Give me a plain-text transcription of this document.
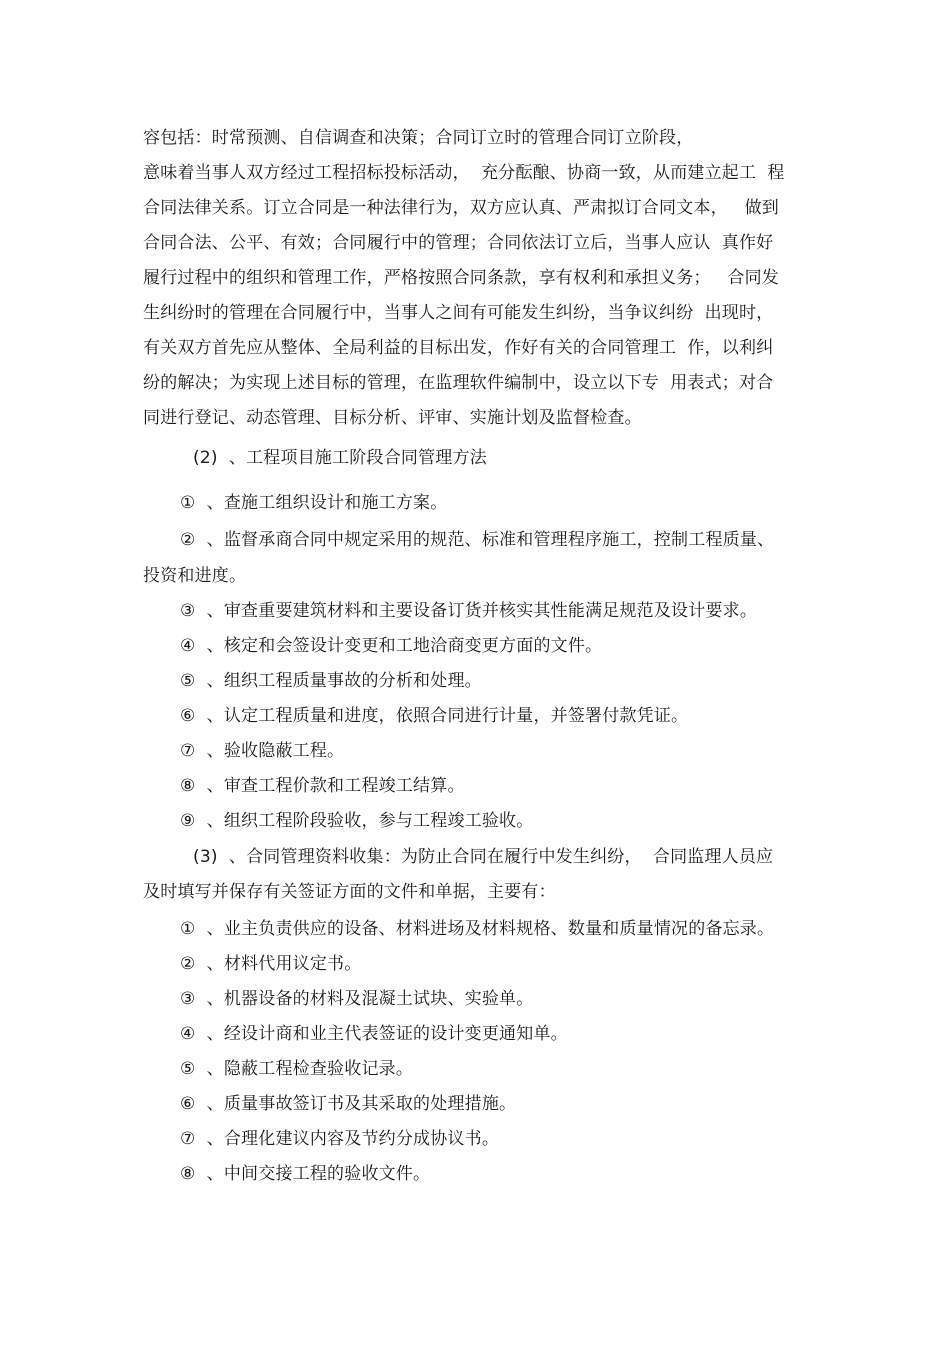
容包括：时常预测、自信调查和决策；合同订立时的管理合同订立阶段，
意味着当事人双方经过工程招标投标活动，  充分酝酿、协商一致，从而建立起工  程
合同法律关系。订立合同是一种法律行为，双方应认真、严肃拟订合同文本，   做到
合同合法、公平、有效；合同履行中的管理；合同依法订立后，当事人应认  真作好
履行过程中的组织和管理工作，严格按照合同条款，享有权利和承担义务；   合同发
生纠纷时的管理在合同履行中，当事人之间有可能发生纠纷，当争议纠纷  出现时，
有关双方首先应从整体、全局利益的目标出发，作好有关的合同管理工  作，以利纠
纷的解决；为实现上述目标的管理，在监理软件编制中，设立以下专  用表式；对合
同进行登记、动态管理、目标分析、评审、实施计划及监督检查。
(2)  、工程项目施工阶段合同管理方法
①  、查施工组织设计和施工方案。
②  、监督承商合同中规定采用的规范、标准和管理程序施工，控制工程质量、
投资和进度。
③  、审查重要建筑材料和主要设备订货并核实其性能满足规范及设计要求。
④  、核定和会签设计变更和工地洽商变更方面的文件。
⑤  、组织工程质量事故的分析和处理。
⑥  、认定工程质量和进度，依照合同进行计量，并签署付款凭证。
⑦  、验收隐蔽工程。
⑧  、审查工程价款和工程竣工结算。
⑨  、组织工程阶段验收，参与工程竣工验收。
(3)  、合同管理资料收集：为防止合同在履行中发生纠纷，  合同监理人员应
及时填写并保存有关签证方面的文件和单据，主要有：
①  、业主负责供应的设备、材料进场及材料规格、数量和质量情况的备忘录。
②  、材料代用议定书。
③  、机器设备的材料及混凝土试块、实验单。
④  、经设计商和业主代表签证的设计变更通知单。
⑤  、隐蔽工程检查验收记录。
⑥  、质量事故签订书及其采取的处理措施。
⑦  、合理化建议内容及节约分成协议书。
⑧  、中间交接工程的验收文件。
